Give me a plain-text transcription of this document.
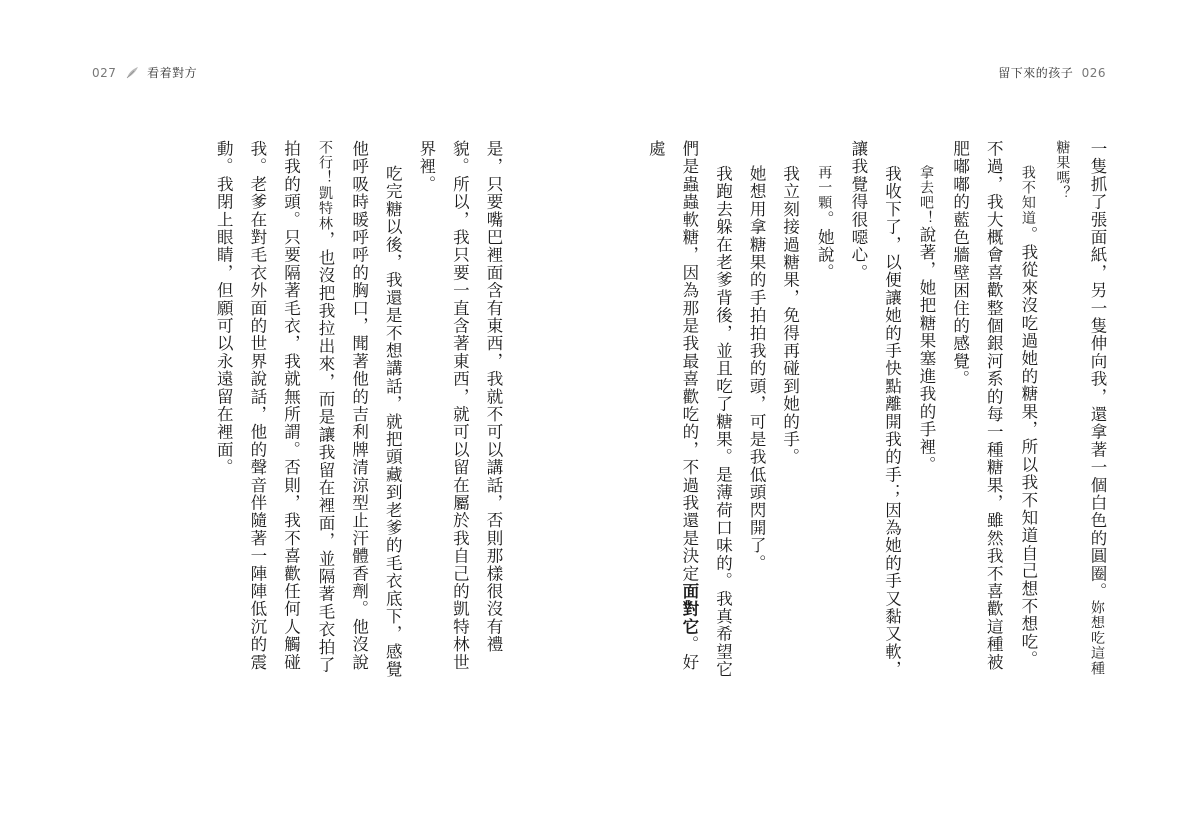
027	看着對方

是，只要嘴巴裡面含有東西，我就不可以講話，否則那樣很沒有禮貌。所以，我只要一直含著東西，就可以留在屬於我自己的凱特林世界裡。

吃完糖以後，我還是不想講話，就把頭藏到老爹的毛衣底下，感覺他呼吸時暖呼呼的胸口，聞著他的吉利牌清涼型止汗體香劑。他沒說不行！凱特林，也沒把我拉出來，而是讓我留在裡面，並隔著毛衣拍了拍我的頭。只要隔著毛衣，我就無所謂。否則，我不喜歡任何人觸碰我。老爹在對毛衣外面的世界說話，他的聲音伴隨著一陣陣低沉的震動。我閉上眼睛，但願可以永遠留在裡面。

留下來的孩子 026

一隻抓了張面紙，另一隻伸向我，還拿著一個白色的圓圈。妳想吃這種糖果嗎？

我不知道。我從來沒吃過她的糖果，所以我不知道自己想不想吃。不過，我大概會喜歡整個銀河系的每一種糖果，雖然我不喜歡這種被肥嘟嘟的藍色牆壁困住的感覺。

拿去吧！說著，她把糖果塞進我的手裡。

我收下了，以便讓她的手快點離開我的手；因為她的手又黏又軟，讓我覺得很噁心。

再一顆。她說。

我立刻接過糖果，免得再碰到她的手。

她想用拿糖果的手拍拍我的頭，可是我低頭閃開了。

我跑去躲在老爹背後，並且吃了糖果。是薄荷口味的。我真希望它們是蟲蟲軟糖，因為那是我最喜歡吃的，不過我還是決定面對它。好處
